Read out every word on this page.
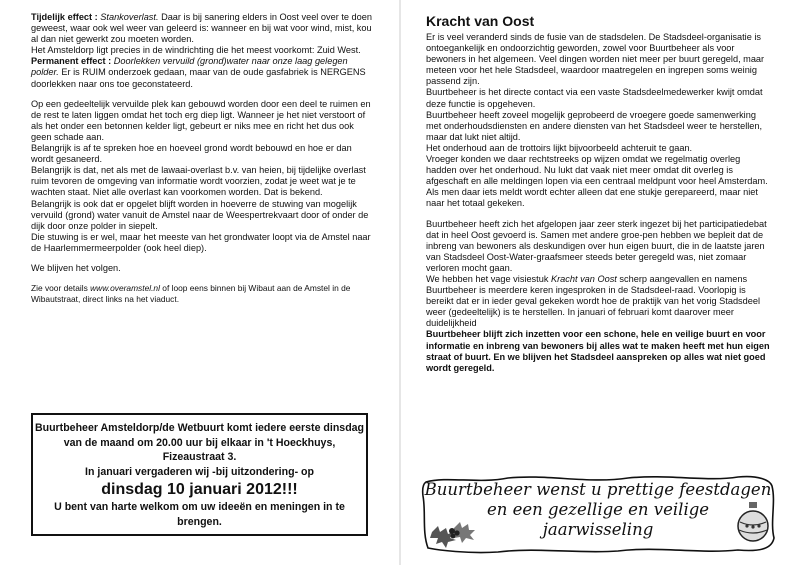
Tijdelijk effect : Stankoverlast. Daar is bij sanering elders in Oost veel over te doen geweest, waar ook wel weer van geleerd is: wanneer en bij wat voor wind, mist, kou al dan niet gewerkt zou moeten worden.

Het Amsteldorp ligt precies in de windrichting die het meest voorkomt: Zuid West.

Permanent effect : Doorlekken vervuild (grond)water naar onze laag gelegen polder. Er is RUIM onderzoek gedaan, maar van de oude gasfabriek is NERGENS doorlekken naar ons toe geconstateerd.

Op een gedeeltelijk vervuilde plek kan gebouwd worden door een deel te ruimen en de rest te laten liggen omdat het toch erg diep ligt. Wanneer je het niet verstoort of als het onder een betonnen kelder ligt, gebeurt er niks mee en richt het dus ook geen schade aan.

Belangrijk is af te spreken hoe en hoeveel grond wordt bebouwd en hoe er dan wordt gesaneerd.

Belangrijk is dat, net als met de lawaai-overlast b.v. van heien, bij tijdelijke overlast ruim tevoren de omgeving van informatie wordt voorzien, zodat je weet wat je te wachten staat. Niet alle overlast kan voorkomen worden. Dat is bekend.

Belangrijk is ook dat er opgelet blijft worden in hoeverre de stuwing van mogelijk vervuild (grond) water vanuit de Amstel naar de Weespertrekvaart door of onder de dijk door onze polder in siepelt.

Die stuwing is er wel, maar het meeste van het grondwater loopt via de Amstel naar de Haarlemmermeerpolder (ook heel diep).

We blijven het volgen.

Zie voor details www.overamstel.nl of loop eens binnen bij Wibaut aan de Amstel in de Wibautstraat, direct links na het viaduct.

Buurtbeheer Amsteldorp/de Wetbuurt komt iedere eerste dinsdag van de maand om 20.00 uur bij elkaar in 't Hoeckhuys, Fizeaustraat 3.
In januari vergaderen wij -bij uitzondering- op
dinsdag 10 januari 2012!!!
U bent van harte welkom om uw ideeën en meningen in te brengen.
Kracht van Oost

Er is veel veranderd sinds de fusie van de stadsdelen. De Stadsdeel-organisatie is ontoegankelijk en ondoorzichtig geworden, zowel voor Buurtbeheer als voor bewoners in het algemeen. Veel dingen worden niet meer per buurt geregeld, maar meteen voor het hele Stadsdeel, waardoor maatregelen en ingrepen soms weinig passend zijn.

Buurtbeheer is het directe contact via een vaste Stadsdeelmedewerker kwijt omdat deze functie is opgeheven.

Buurtbeheer heeft zoveel mogelijk geprobeerd de vroegere goede samenwerking met onderhoudsdiensten en andere diensten van het Stadsdeel weer te herstellen, maar dat lukt niet altijd.

Het onderhoud aan de trottoirs lijkt bijvoorbeeld achteruit te gaan.

Vroeger konden we daar rechtstreeks op wijzen omdat we regelmatig overleg hadden over het onderhoud. Nu lukt dat vaak niet meer omdat dit overleg is afgeschaft en alle meldingen lopen via een centraal meldpunt voor heel Amsterdam. Als men daar iets meldt wordt echter alleen dat ene stukje gerepareerd, maar niet naar het totaal gekeken.

Buurtbeheer heeft zich het afgelopen jaar zeer sterk ingezet bij het participatiedebat dat in heel Oost gevoerd is. Samen met andere groe-pen hebben we bepleit dat de inbreng van bewoners als deskundigen over hun eigen buurt, die in de laatste jaren van Stadsdeel Oost-Water-graafsmeer steeds beter geregeld was, niet zomaar verloren mocht gaan.

We hebben het vage visiestuk Kracht van Oost scherp aangevallen en namens Buurtbeheer is meerdere keren ingesproken in de Stadsdeel-raad. Voorlopig is bereikt dat er in ieder geval gekeken wordt hoe de praktijk van het vorig Stadsdeel weer (gedeeltelijk) is te herstellen. In januari of februari komt daarover meer duidelijkheid

Buurtbeheer blijft zich inzetten voor een schone, hele en veilige buurt en voor informatie en inbreng van bewoners bij alles wat te maken heeft met hun eigen straat of buurt. En we blijven het Stadsdeel aanspreken op alles wat niet goed wordt geregeld.

Buurtbeheer wenst u prettige feestdagen
en een gezellige en veilige
jaarwisseling
